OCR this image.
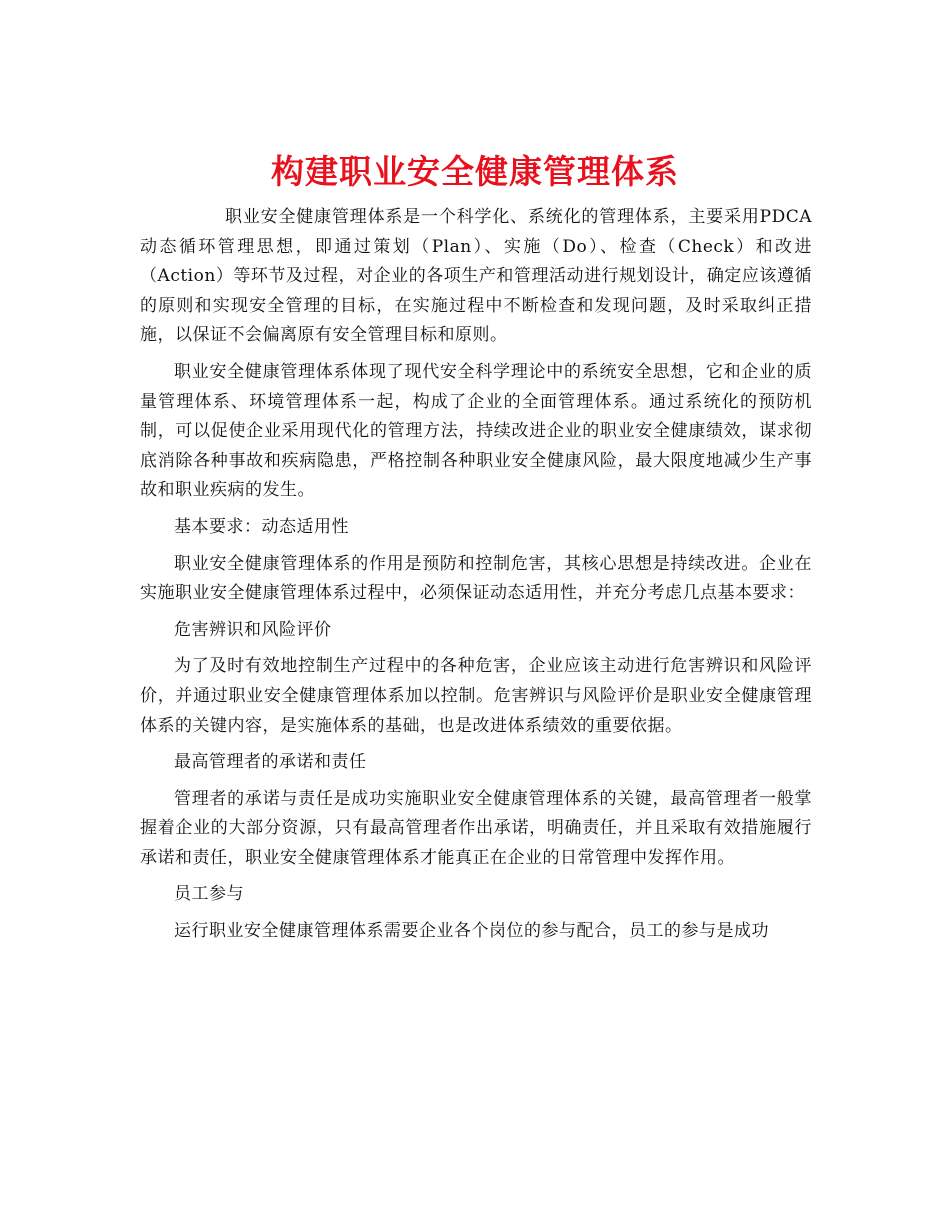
构建职业安全健康管理体系

职业安全健康管理体系是一个科学化、系统化的管理体系，主要采用PDCA动态循环管理思想，即通过策划（Plan）、实施（Do）、检查（Check）和改进（Action）等环节及过程，对企业的各项生产和管理活动进行规划设计，确定应该遵循的原则和实现安全管理的目标，在实施过程中不断检查和发现问题，及时采取纠正措施，以保证不会偏离原有安全管理目标和原则。

职业安全健康管理体系体现了现代安全科学理论中的系统安全思想，它和企业的质量管理体系、环境管理体系一起，构成了企业的全面管理体系。通过系统化的预防机制，可以促使企业采用现代化的管理方法，持续改进企业的职业安全健康绩效，谋求彻底消除各种事故和疾病隐患，严格控制各种职业安全健康风险，最大限度地减少生产事故和职业疾病的发生。

基本要求：动态适用性

职业安全健康管理体系的作用是预防和控制危害，其核心思想是持续改进。企业在实施职业安全健康管理体系过程中，必须保证动态适用性，并充分考虑几点基本要求：

危害辨识和风险评价

为了及时有效地控制生产过程中的各种危害，企业应该主动进行危害辨识和风险评价，并通过职业安全健康管理体系加以控制。危害辨识与风险评价是职业安全健康管理体系的关键内容，是实施体系的基础，也是改进体系绩效的重要依据。

最高管理者的承诺和责任

管理者的承诺与责任是成功实施职业安全健康管理体系的关键，最高管理者一般掌握着企业的大部分资源，只有最高管理者作出承诺，明确责任，并且采取有效措施履行承诺和责任，职业安全健康管理体系才能真正在企业的日常管理中发挥作用。

员工参与

运行职业安全健康管理体系需要企业各个岗位的参与配合，员工的参与是成功
